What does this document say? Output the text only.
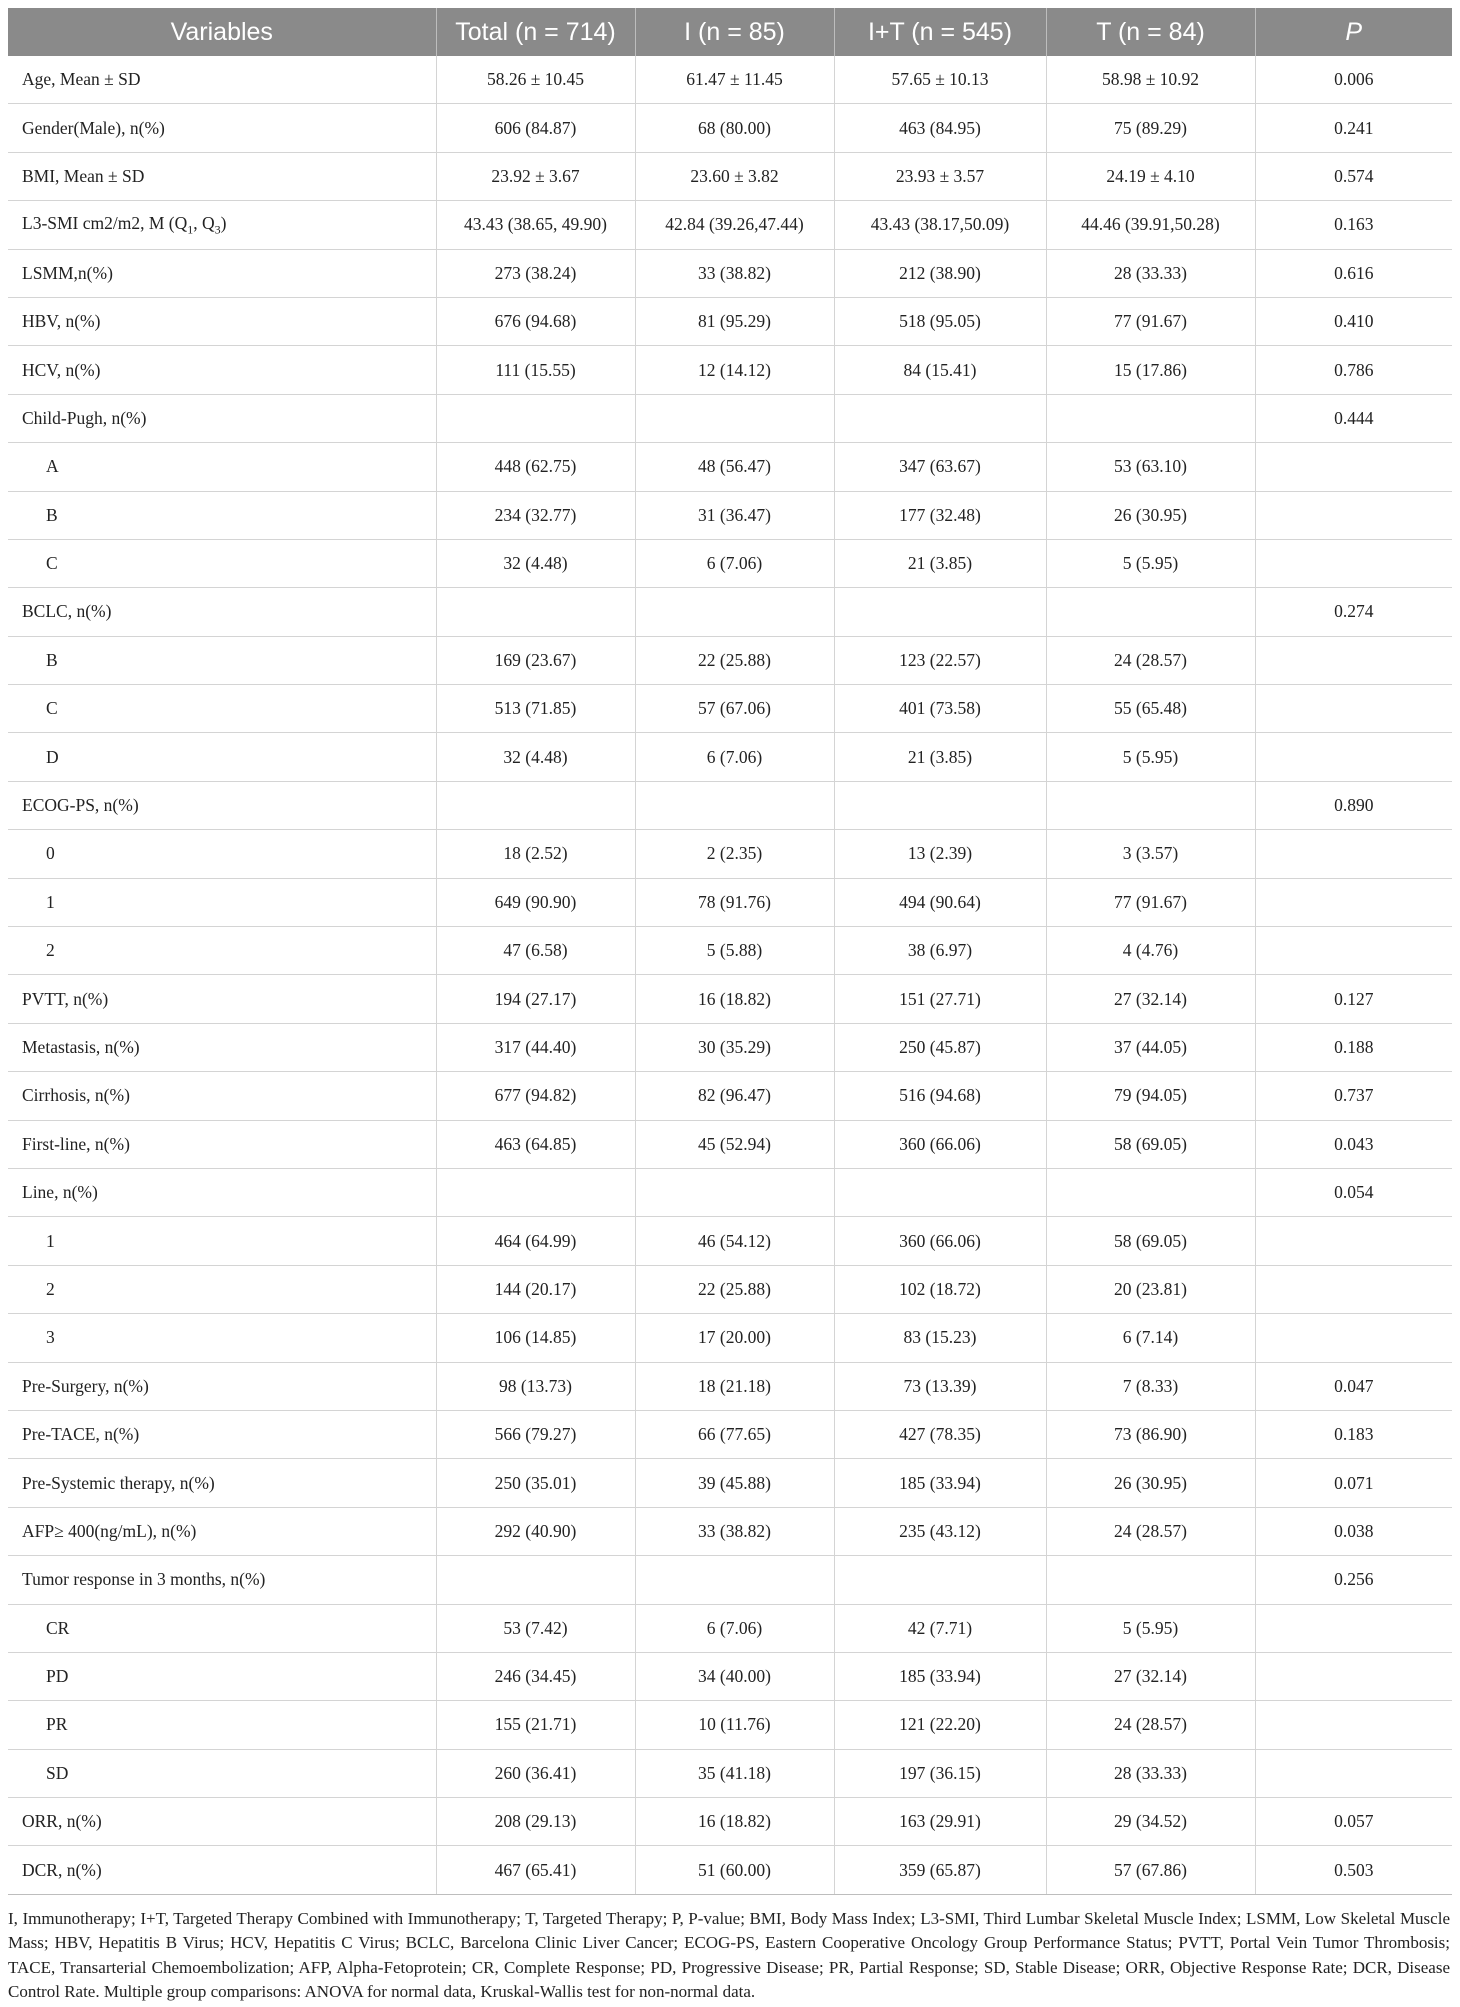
Variables	Total (n = 714)	I (n = 85)	I+T (n = 545)	T (n = 84)	P
Age, Mean ± SD	58.26 ± 10.45	61.47 ± 11.45	57.65 ± 10.13	58.98 ± 10.92	0.006
Gender(Male), n(%)	606 (84.87)	68 (80.00)	463 (84.95)	75 (89.29)	0.241
BMI, Mean ± SD	23.92 ± 3.67	23.60 ± 3.82	23.93 ± 3.57	24.19 ± 4.10	0.574
L3-SMI cm2/m2, M ($Q_1$, $Q_3$)	43.43 (38.65, 49.90)	42.84 (39.26,47.44)	43.43 (38.17,50.09)	44.46 (39.91,50.28)	0.163
LSMM,n(%)	273 (38.24)	33 (38.82)	212 (38.90)	28 (33.33)	0.616
HBV, n(%)	676 (94.68)	81 (95.29)	518 (95.05)	77 (91.67)	0.410
HCV, n(%)	111 (15.55)	12 (14.12)	84 (15.41)	15 (17.86)	0.786
Child-Pugh, n(%)					0.444
A	448 (62.75)	48 (56.47)	347 (63.67)	53 (63.10)	
B	234 (32.77)	31 (36.47)	177 (32.48)	26 (30.95)	
C	32 (4.48)	6 (7.06)	21 (3.85)	5 (5.95)	
BCLC, n(%)					0.274
B	169 (23.67)	22 (25.88)	123 (22.57)	24 (28.57)	
C	513 (71.85)	57 (67.06)	401 (73.58)	55 (65.48)	
D	32 (4.48)	6 (7.06)	21 (3.85)	5 (5.95)	
ECOG-PS, n(%)					0.890
0	18 (2.52)	2 (2.35)	13 (2.39)	3 (3.57)	
1	649 (90.90)	78 (91.76)	494 (90.64)	77 (91.67)	
2	47 (6.58)	5 (5.88)	38 (6.97)	4 (4.76)	
PVTT, n(%)	194 (27.17)	16 (18.82)	151 (27.71)	27 (32.14)	0.127
Metastasis, n(%)	317 (44.40)	30 (35.29)	250 (45.87)	37 (44.05)	0.188
Cirrhosis, n(%)	677 (94.82)	82 (96.47)	516 (94.68)	79 (94.05)	0.737
First-line, n(%)	463 (64.85)	45 (52.94)	360 (66.06)	58 (69.05)	0.043
Line, n(%)					0.054
1	464 (64.99)	46 (54.12)	360 (66.06)	58 (69.05)	
2	144 (20.17)	22 (25.88)	102 (18.72)	20 (23.81)	
3	106 (14.85)	17 (20.00)	83 (15.23)	6 (7.14)	
Pre-Surgery, n(%)	98 (13.73)	18 (21.18)	73 (13.39)	7 (8.33)	0.047
Pre-TACE, n(%)	566 (79.27)	66 (77.65)	427 (78.35)	73 (86.90)	0.183
Pre-Systemic therapy, n(%)	250 (35.01)	39 (45.88)	185 (33.94)	26 (30.95)	0.071
AFP≥ 400(ng/mL), n(%)	292 (40.90)	33 (38.82)	235 (43.12)	24 (28.57)	0.038
Tumor response in 3 months, n(%)					0.256
CR	53 (7.42)	6 (7.06)	42 (7.71)	5 (5.95)	
PD	246 (34.45)	34 (40.00)	185 (33.94)	27 (32.14)	
PR	155 (21.71)	10 (11.76)	121 (22.20)	24 (28.57)	
SD	260 (36.41)	35 (41.18)	197 (36.15)	28 (33.33)	
ORR, n(%)	208 (29.13)	16 (18.82)	163 (29.91)	29 (34.52)	0.057
DCR, n(%)	467 (65.41)	51 (60.00)	359 (65.87)	57 (67.86)	0.503
I, Immunotherapy; I+T, Targeted Therapy Combined with Immunotherapy; T, Targeted Therapy; P, P-value; BMI, Body Mass Index; L3-SMI, Third Lumbar Skeletal Muscle Index; LSMM, Low Skeletal Muscle Mass; HBV, Hepatitis B Virus; HCV, Hepatitis C Virus; BCLC, Barcelona Clinic Liver Cancer; ECOG-PS, Eastern Cooperative Oncology Group Performance Status; PVTT, Portal Vein Tumor Thrombosis; TACE, Transarterial Chemoembolization; AFP, Alpha-Fetoprotein; CR, Complete Response; PD, Progressive Disease; PR, Partial Response; SD, Stable Disease; ORR, Objective Response Rate; DCR, Disease Control Rate. Multiple group comparisons: ANOVA for normal data, Kruskal-Wallis test for non-normal data.
